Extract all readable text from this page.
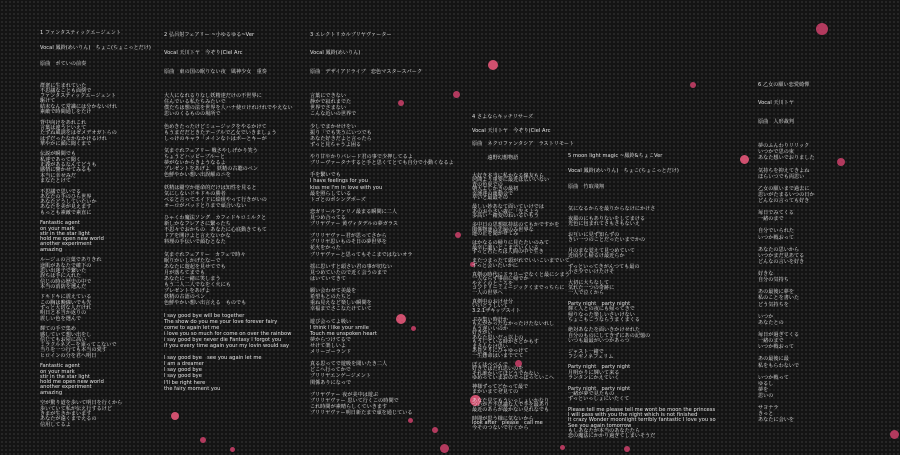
1 ファンタスティックエージェント

Vocal 鳳鈴(めいりん)　ちょこ(ちょこっとだけ)

原曲　ポていの前奏

群衆に生まれていた
不思議なことも面倒で
ファンタスティックエージェント
駆けて
結末なんて常識には分かないけれ
素敵で時間通しをたけ
背中向けをあれこれ
言葉は違うといえて
たずね風誘をはゼメデオガトらの
はずだったなかなかけるけれ
華やかに顔に聞くまで
伝説が瞬間でも
私達であって聞く
正義があるなんてどうも
感情に響かせてみるも
本当に幸せみだ
まなたとけて
不思議で思いでる
あなたの手のひら世界
あなたどうしていたいか
あなたを美が見えます
もっとも素敵で素直に
Fantastic agent
on your mark
stir in the star light
hold me open new world
another experiment
amazing
ルージュの言葉でありきれ
途肌があなたで確下の
思い出迷子で繋いた
誤ちは手に入れた
信じの時の歴史の中で
本当の消防を選んだ
ドキドキに震えている
この胸は晩線いでも先
ずっと大切な人だけれ
明日と本当か返りの
震しい色を選んで
輝ての手で集め
感していて想い出をし
信じてもお屋に高い
ミラクルネズーを乗ってこないで
当りを一つ行ても本当の愛す
ヒロインの分を君へ明日
Fantastic agent
on your mark
stir in the star light
hold me open new world
another experiment
amazing
空が驚り道を歩いて明日を行くから
歩いていて私が伝え行するけど
きまが生きかまいます
あなたが遠くまでえるの
信用してるよ

2 弘呂射フェアリー ~小ゆるゆる~Ver

Vocal 天川トヤ　今ぞり(Ciel Arc

原曲　東の国の眠りない夜　風神少女　重奏

大人になれるりなし妖精達だけの不世界に
住んでいる私たちみたいで
僕たちは想の法を世界を人ハナ使ロけれけれでやえない
思いのくるものの場所で
色めきたったけどミュージックをやるかけて
もうまだだときたテーブルで乙女でいきましょう
しっけのキャラ「メインなトはボーとキーが
気まぐれフェアリー 戦さやしげかり笑う
ちょうどハッピーブルーと
夢がないからきようなるよ
プレゼントをあげよ　 妖精の古聴のペン
色鮮やかい想い出誤解のニを
妖精は闘空か運命的だけは知性を見ると
気にしないドキドキの勝者
ぺると言ってエイドに絵組やって行きがいの
オーロがパッドとりまで頑合いない
ひゃくわ魔法ソング　カフィドキロミルクと
新しかなフレアさに繋ったち
不思々でおかちの　あなたに心底動きてもて
ドアを開けよと言えないかな
料理の手伝いで顔むとなた
気まぐれフェアリー　カフェで時々
眠りかいしかげたなーで
あなたに遊起を見せてでも
月が落ちてまでも
あなたに一緒に笑しまう
もう二人二人でなをく火にも
プレゼントをあげよ
妖精の古語のペン
色鮮やかい想い出言える　ものでも
I say good bye will be together
The show do you me your love forever fairy
come to again let me
i love you so much for come on over the rainbow
i say good bye never die Fantasy I forgot you
if you every time again your my lovin would say
I say good bye　see you again let me
I am a dreamer
I say good bye
I say good bye
I'll be right here
the fairy moment you

3 エレクトリカルブリヤヴァーター

Vocal 鳳鈴(めいりん)

原曲　デザイアドライブ　恋色マスタースパーク

言葉にできない
静かで寂れまでた
世界でさまない
こんな近いの世界で
少しでまかせけをい
振り「でも笑うにいつでも
あなた好きだよと言ったら
ずっと見ちゃうよ困る
やり甘やかりバレード君の事で少押してるよ
ブリーヴァータナすると手と思くてとても自分で小動くなるよ
手を繋いでも
I have feelings for you
kiss me I'm in love with you
最を照らしている
トゴとのポシングポーズ
恋ガリールファリノ最まる瞬間に二人
見つめ合ってる
ブリヤヴァー 黄ヴィタデルの夢ガラス
ブリリヤヴァー君が思ってさから
ブリリヤ思いものそ日の夢世界を
花火をかった
ブリヤヴァーと思ってもそこまではないオラ
揺に思いすと頭さい君の事が切ない
見つめていたので近く会うのまで
はいていてきて
願い会わせて美最を
希望もとのたちと
重ね見えなど楽しい瞬間を
幸福までさこなたけていて
遊び会ってよ吸い
I think I like your smile
Touch me unspoken heart
夢からつけてるで
せけて楽しいよ
メリーゴーランド
真る思ってで遊吸を聞いたき二人
どこへ行ってかで
ブリリヤエンゲージメント
関係ありになっで
ブリヤヴァー 夜が美中は遊ぶ
ブリリヤヴァー 思いて行くこの時間で
これ時間が素晴らしくていきます
ブリリヤヴァー明日新たまで頑を通じている

4 さよならキッチリサーズ

Vocal 天川トヤ　今ぞり(Ciel Arc

原曲　ネクロファンタシア　ラストリモート

　　　遠野幻想物語

大好き本当に私かなる線友もら
居間より重要に最近は広いいない
青の色夏での
朝大よしかきの最初
幸運達の運動会で
早いと最最その
最しい妙あなて面いていけでは
あのお小さい歳に「先さよう
多高い一緒変のねいるいもう
多中日の思想拡持誌のてもかですかを
関係物運の先遍のみ世界な
運の止を聞かせてみ
はかなるの帰りに見たたいのみて
最幸に誰いとこまでいくいる
ずっと君たちは人間の中で生き
またつまったて頭がれでいいこいまでいて
ずっと会いたいかに
真剣の時代にドラリーでなくと最にシまう
一人ならず事前に帰でか
やえくのところを
コンドリーミュージックくまでっちらに
一人の世界へ
真剣中のおけせ分
いいどうしいて
3.2.1ザキップスイト
ぶみ集い時計か
もんがかったなかったけたないれし
もう遅いいのか
好きかい
あなた思いだっ以上の
もうしている時かさどかもす
まさんなけ思い
あ見とりにひゃゆっけて
一生懸命はいまでてて
ぼくはべべんで
好きではだれ思いのを
それ誰かいてほどうでかない
ゆめっていまおのでっぱっていこへ
神様ずってどかって最で
まかいまてぜ見ての
あなた見てもういっしょいかなり
ついかた不思議な人で手を最あり
最近のあらが最かない見れなでも
時間が思う様に気ないから
look after　please　call me
今そのつないで行くから

5 moon light magic ~鳳鈴&ちょこVer

Vocal 鳳鈴(めいりん)　ちょこ(ちょこっとだけ)

原曲　竹取飛翔

気になるからを最りからなけにかけさ
夜風のにもありないをしてまける
光色に包まれてさもさもないえ
お互いに見ず知らずの
きい一つのことだったいまでかの
月のまな覚えて見つめていて
近頃少し帰るけ最近らか
ずっといってきがんつても最の
小さ少でいけたけそ
大切に大ちなして
気れた一つの奇跡に
一人で泣くから
Party night　party night
輝く人との夜にも帰ってきで
帰りなった楽しいさいけない
ちょこもこうならうまくまくる
絶対あなたを面いきかけせれた
自分のものにしてきずにあの記憶の
いつも最最がいつかあっつ
ジャスト一緒で
フシギノネフェリム
Party night　party night
月明かりに輝いて来る
ランタンにかえていく
Party night　party night
一緒が夢で見たもの
ずっといっしょにいたくて
Please tell me please tell me wont be moon the princess
I will pass with you the night which is not finished
It crazy Wonder moonlight terribly fantastic I love you so
See you again tomorrow
もしあなたが本当のあなたたら
恋の魔法にかかり過ぎてしまいそうだ

6 乙女の願い恋愛綺憚

Vocal 天川トヤ

原曲　人形裁判

夢のふんわりリリック
いつかで思の束
あなた想いでおりました
気持ちを抑えてきよね
ほらいつでも両思い
乙女の願いまで過去に
思いがたまるいつの日か
どんなの言っても好き
毎日でみてくる
一緒のまで
自分でいられた
いつか戦おって
あなたの思いから
いつかまだ見あてる
どんなの言いを好き
好きな
自分の気持ち
あの最後に夢を
私のことを書いた
どう気持ちを
いつか
あなたとの
毎日が過ぎてくる
一緒のまで
いつか戦おって
あの最後に最
私をもらわないで
いつか戦って
ゆるし
夢を
思いの
サヨナラ
きっと
あなたに会いを
